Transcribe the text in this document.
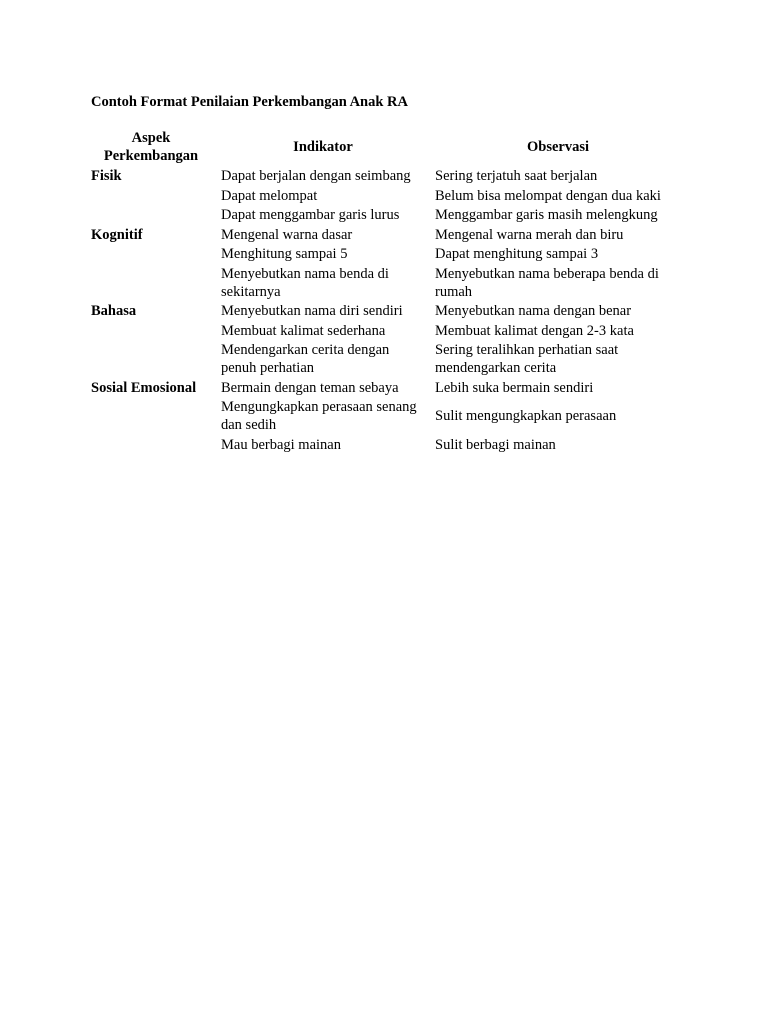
Contoh Format Penilaian Perkembangan Anak RA
Aspek
Perkembangan	Indikator	Observasi
Fisik	Dapat berjalan dengan seimbang	Sering terjatuh saat berjalan
	Dapat melompat	Belum bisa melompat dengan dua kaki
	Dapat menggambar garis lurus	Menggambar garis masih melengkung
Kognitif	Mengenal warna dasar	Mengenal warna merah dan biru
	Menghitung sampai 5	Dapat menghitung sampai 3
	Menyebutkan nama benda di sekitarnya	Menyebutkan nama beberapa benda di rumah
Bahasa	Menyebutkan nama diri sendiri	Menyebutkan nama dengan benar
	Membuat kalimat sederhana	Membuat kalimat dengan 2-3 kata
	Mendengarkan cerita dengan penuh perhatian	Sering teralihkan perhatian saat mendengarkan cerita
Sosial Emosional	Bermain dengan teman sebaya	Lebih suka bermain sendiri
	Mengungkapkan perasaan senang dan sedih	Sulit mengungkapkan perasaan
	Mau berbagi mainan	Sulit berbagi mainan
